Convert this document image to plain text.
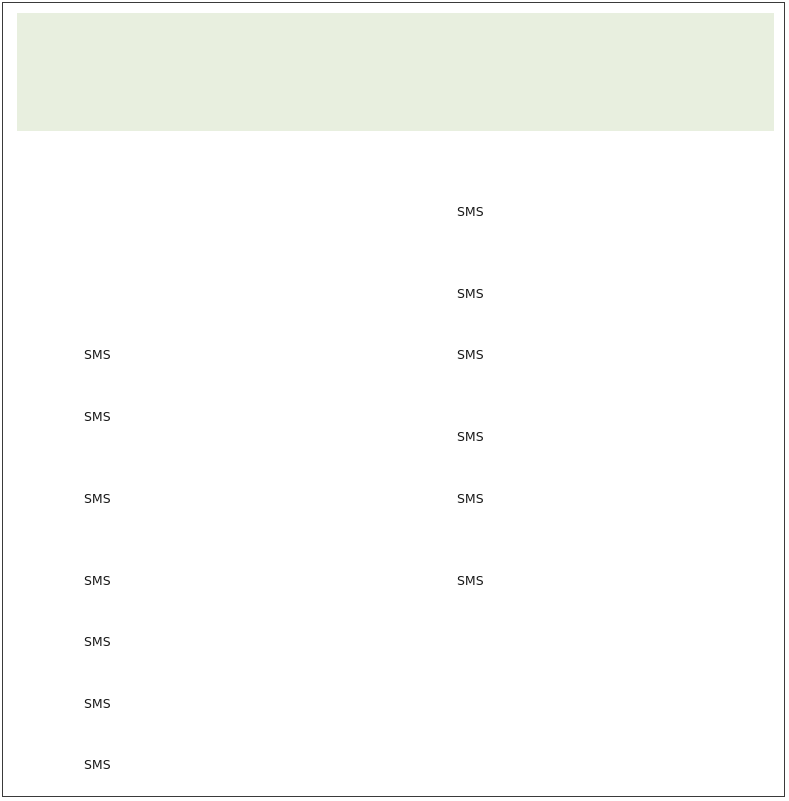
SMS
SMS
SMS
SMS
SMS
SMS
SMS
SMS
SMS
SMS
SMS
SMS
SMS
